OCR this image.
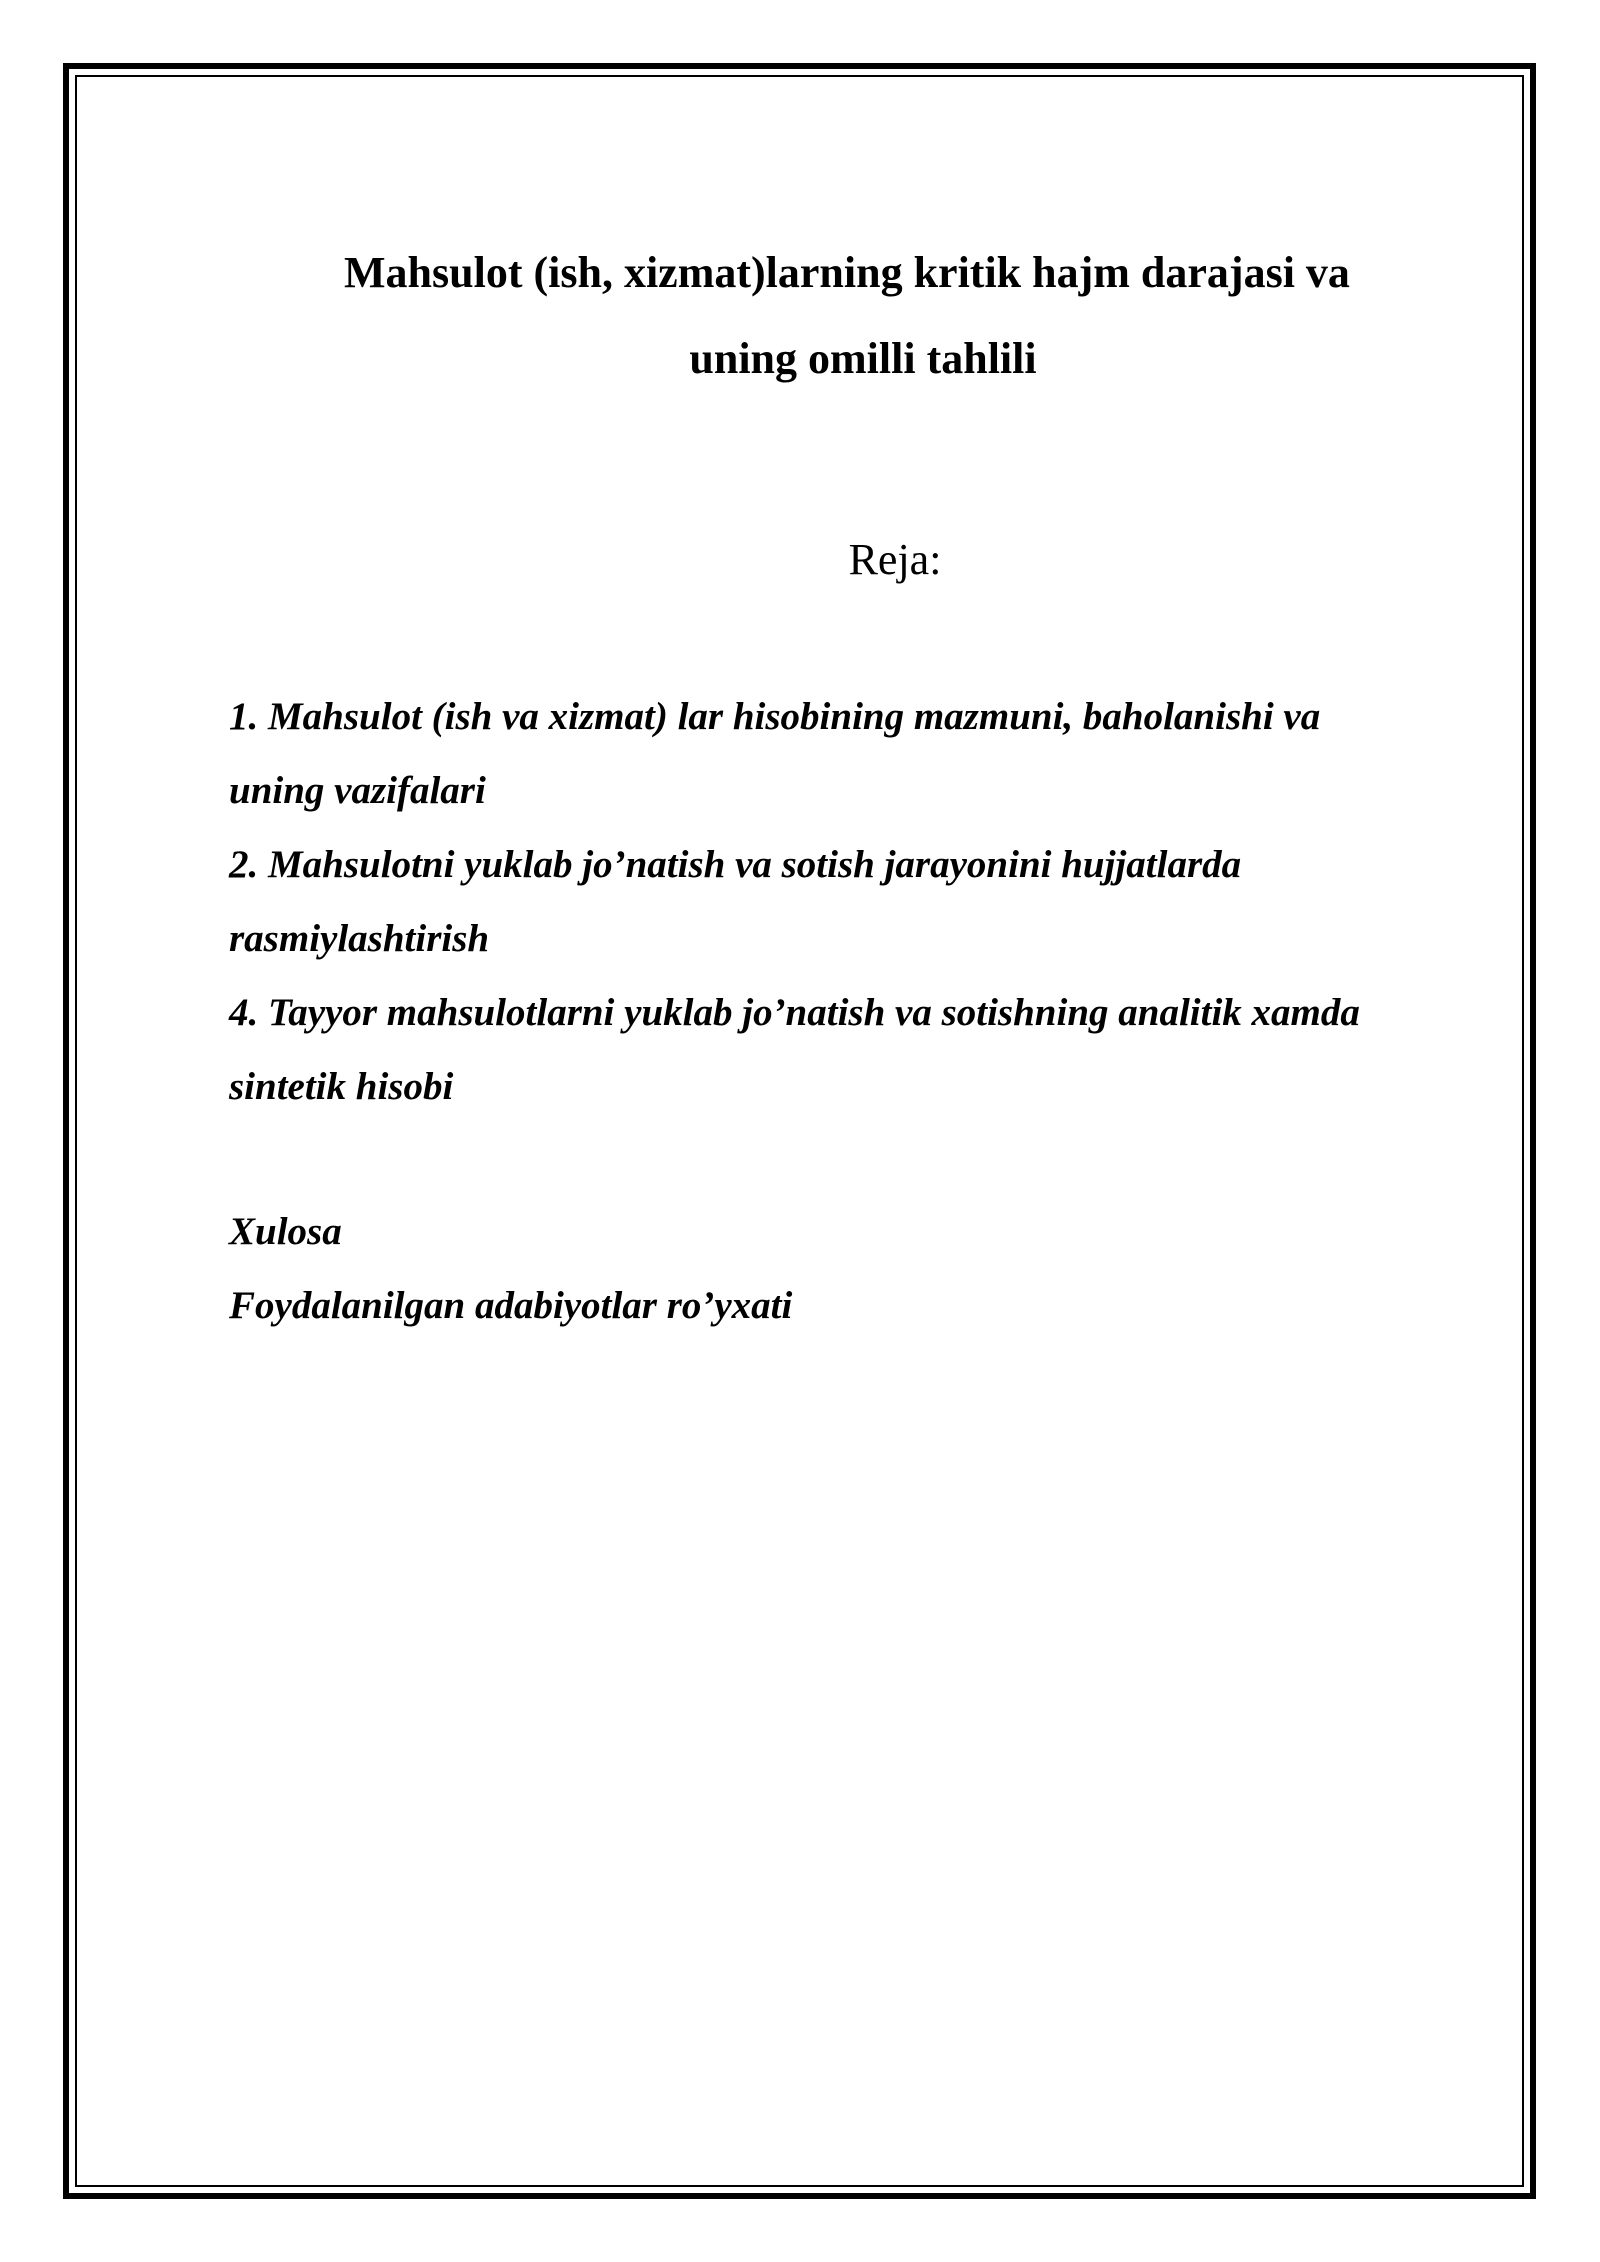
Mahsulot (ish, xizmat)larning kritik hajm darajasi va
uning omilli tahlili
Reja:
1. Mahsulot (ish va xizmat) lar hisobining mazmuni, baholanishi va
uning vazifalari
2. Mahsulotni yuklab jo’natish va sotish jarayonini hujjatlarda
rasmiylashtirish
4. Tayyor mahsulotlarni yuklab jo’natish va sotishning analitik xamda
sintetik hisobi
Xulosa
Foydalanilgan adabiyotlar ro’yxati
